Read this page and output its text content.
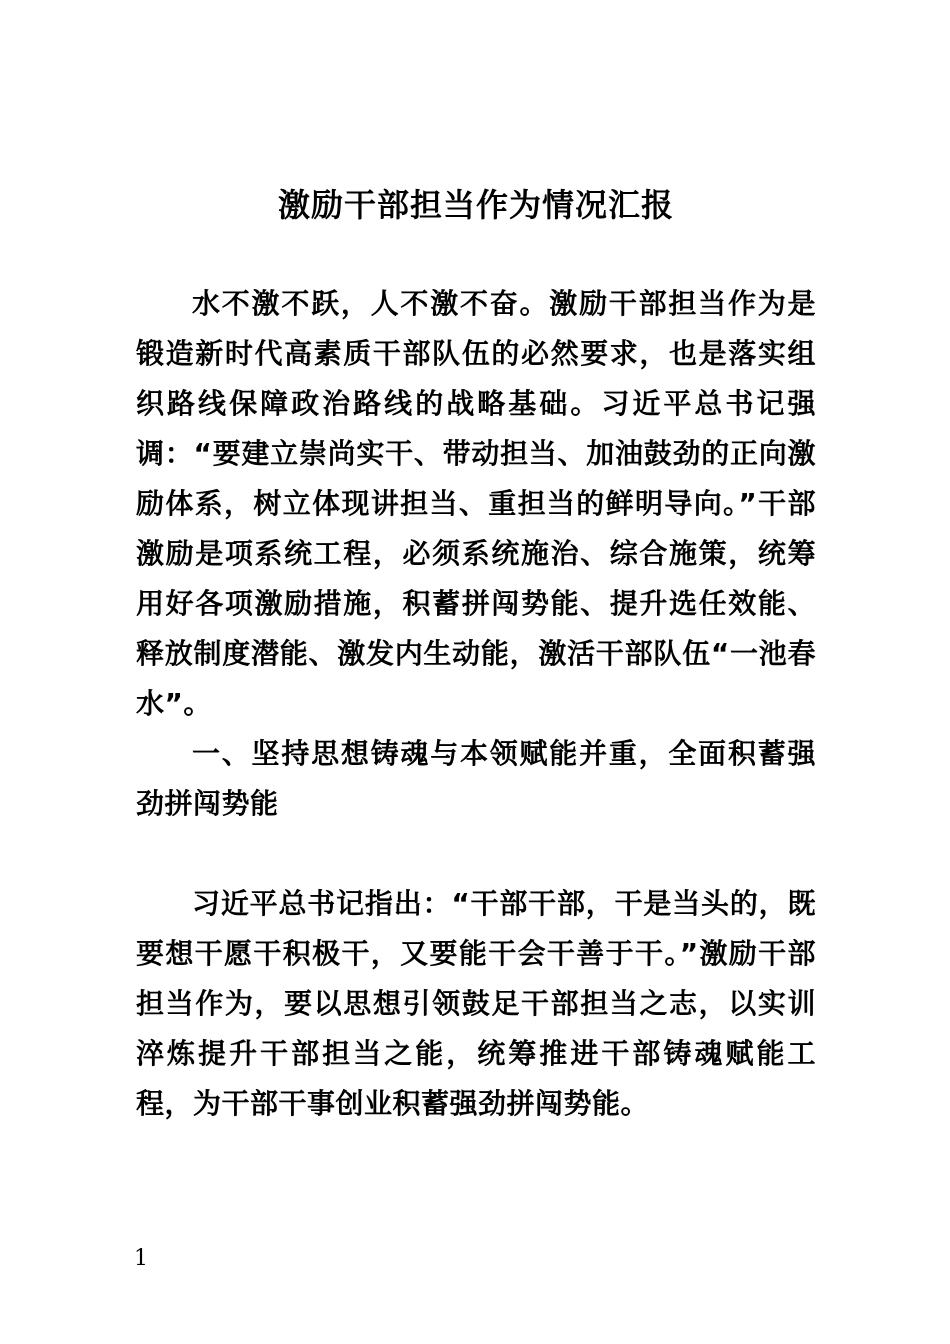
激励干部担当作为情况汇报

水不激不跃，人不激不奋。激励干部担当作为是锻造新时代高素质干部队伍的必然要求，也是落实组织路线保障政治路线的战略基础。习近平总书记强调：“要建立崇尚实干、带动担当、加油鼓劲的正向激励体系，树立体现讲担当、重担当的鲜明导向。”干部激励是项系统工程，必须系统施治、综合施策，统筹用好各项激励措施，积蓄拼闯势能、提升选任效能、释放制度潜能、激发内生动能，激活干部队伍“一池春水”。

一、坚持思想铸魂与本领赋能并重，全面积蓄强劲拼闯势能

习近平总书记指出：“干部干部，干是当头的，既要想干愿干积极干，又要能干会干善于干。”激励干部担当作为，要以思想引领鼓足干部担当之志，以实训淬炼提升干部担当之能，统筹推进干部铸魂赋能工程，为干部干事创业积蓄强劲拼闯势能。

1
